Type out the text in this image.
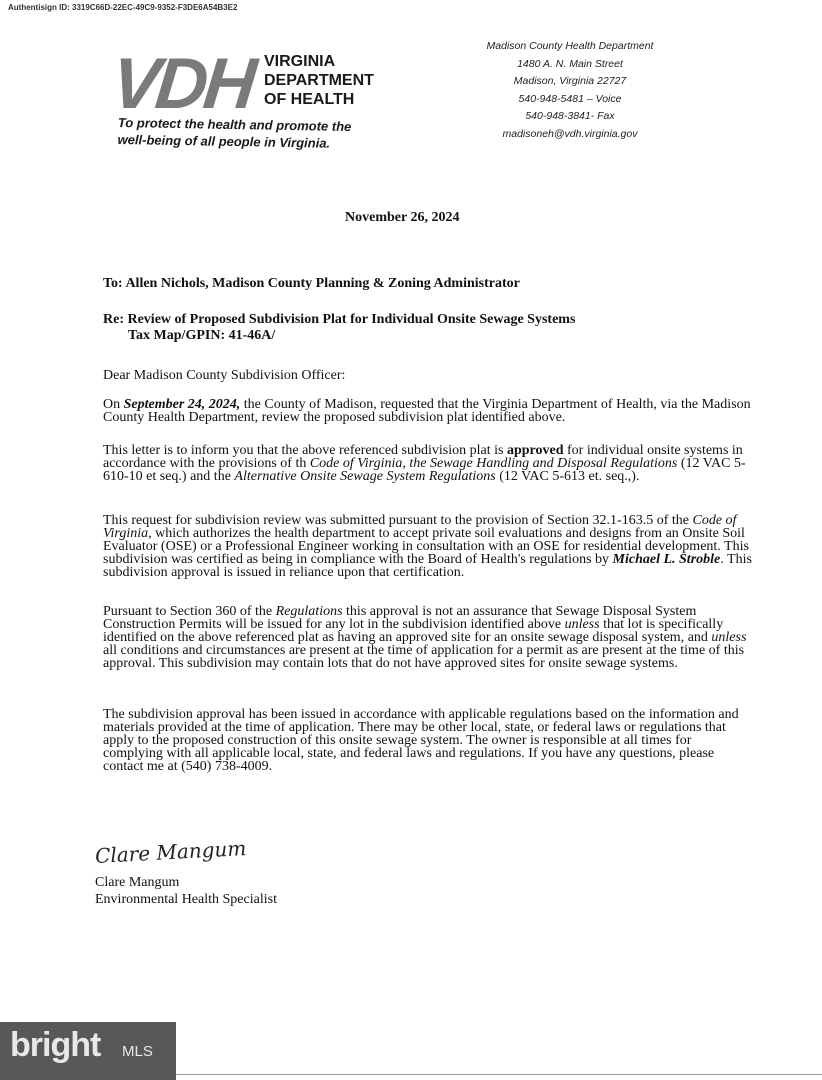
Authentisign ID: 3319C66D-22EC-49C9-9352-F3DE6A54B3E2
VDH VIRGINIA
DEPARTMENT
OF HEALTH
To protect the health and promote the
well-being of all people in Virginia.
Madison County Health Department
1480 A. N. Main Street
Madison, Virginia 22727
540-948-5481 – Voice
540-948-3841- Fax
madisoneh@vdh.virginia.gov
November 26, 2024
To: Allen Nichols, Madison County Planning & Zoning Administrator
Re: Review of Proposed Subdivision Plat for Individual Onsite Sewage Systems
Tax Map/GPIN: 41-46A/
Dear Madison County Subdivision Officer:
On September 24, 2024, the County of Madison, requested that the Virginia Department of Health, via the Madison County Health Department, review the proposed subdivision plat identified above.
This letter is to inform you that the above referenced subdivision plat is approved for individual onsite systems in accordance with the provisions of th Code of Virginia, the Sewage Handling and Disposal Regulations (12 VAC 5-610-10 et seq.) and the Alternative Onsite Sewage System Regulations (12 VAC 5-613 et. seq.,).
This request for subdivision review was submitted pursuant to the provision of Section 32.1-163.5 of the Code of Virginia, which authorizes the health department to accept private soil evaluations and designs from an Onsite Soil Evaluator (OSE) or a Professional Engineer working in consultation with an OSE for residential development. This subdivision was certified as being in compliance with the Board of Health's regulations by Michael L. Stroble. This subdivision approval is issued in reliance upon that certification.
Pursuant to Section 360 of the Regulations this approval is not an assurance that Sewage Disposal System Construction Permits will be issued for any lot in the subdivision identified above unless that lot is specifically identified on the above referenced plat as having an approved site for an onsite sewage disposal system, and unless all conditions and circumstances are present at the time of application for a permit as are present at the time of this approval. This subdivision may contain lots that do not have approved sites for onsite sewage systems.
The subdivision approval has been issued in accordance with applicable regulations based on the information and materials provided at the time of application. There may be other local, state, or federal laws or regulations that apply to the proposed construction of this onsite sewage system. The owner is responsible at all times for complying with all applicable local, state, and federal laws and regulations. If you have any questions, please contact me at (540) 738-4009.
Clare Mangum
Clare Mangum
Environmental Health Specialist
bright MLS
